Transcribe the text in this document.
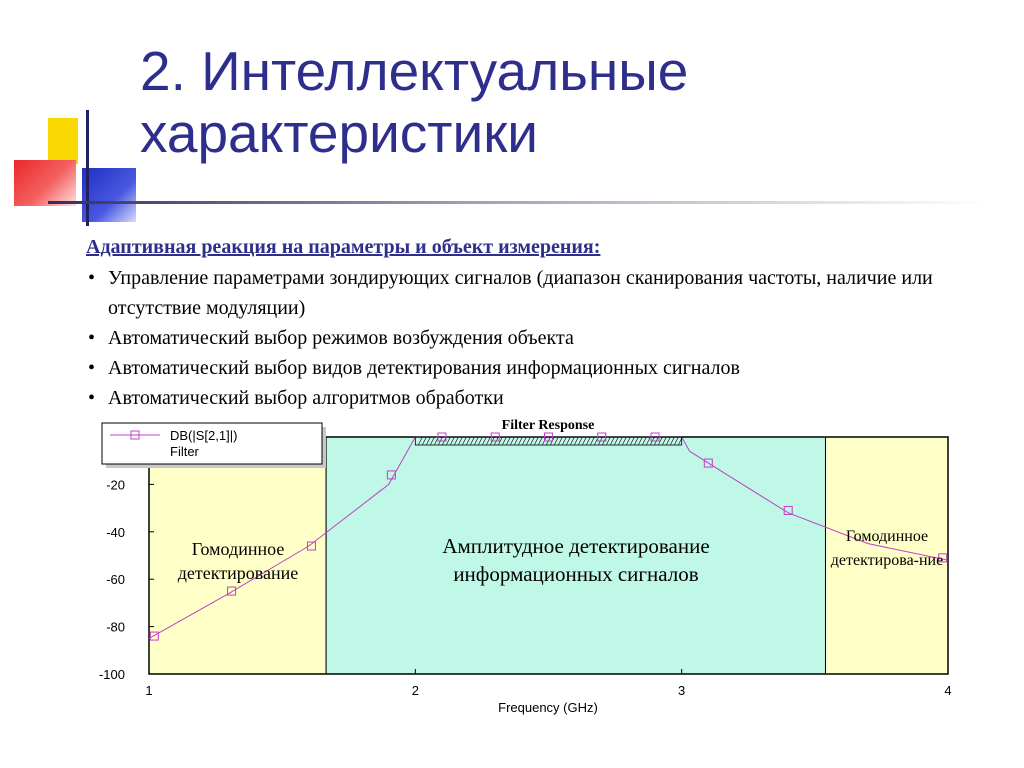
2. Интеллектуальные характеристики
Адаптивная реакция на параметры и объект измерения:
• Управление параметрами зондирующих сигналов (диапазон сканирования частоты, наличие или отсутствие модуляции)
• Автоматический выбор режимов возбуждения объекта
• Автоматический выбор видов детектирования информационных сигналов
• Автоматический выбор алгоритмов обработки
1	2	3	4
-20
-40
-60
-80
-100
Filter Response
Frequency (GHz)
DB(|S[2,1]|)
Filter
Гомодинное детектирование
Амплитудное детектирование информационных сигналов
Гомодинное детектирова-ние
